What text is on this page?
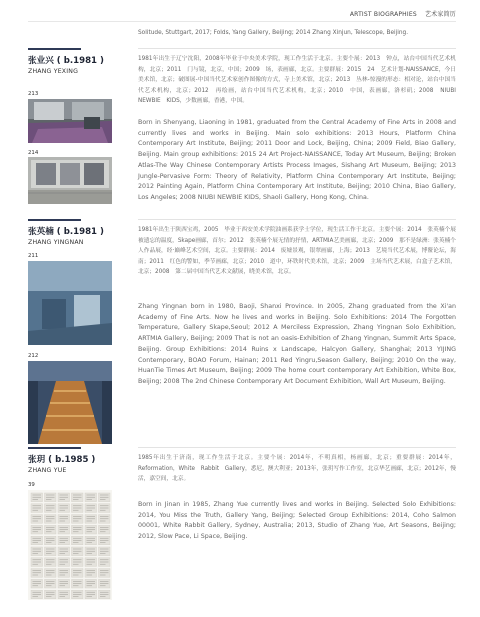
ARTIST BIOGRAPHIES 艺术家简历
Solitude, Stuttgart, 2017; Folds, Yang Gallery, Beijing; 2014 Zhang Xinjun, Telescope, Beijing.
张业兴 ( b.1981 )
ZHANG YEXING
213
214
1981年出生于辽宁沈阳，2008年毕业于中央美术学院，现工作生活于北京。主要个展：2013　钟点，站台中国当代艺术机构，北京；2011　门与镜，北京，中国；2009　场，表画廊，北京。主要群展：2015　24　艺术计划-NAISSANCE，今日美术馆，北京；破图展-中国当代艺术家创作图像的方式，寺上美术馆，北京；2013　丛林-惊漫的形态：相对论，站台中国当代艺术机构，北京；2012　再绘画，站台中国当代艺术机构，北京；2010　中国，表画廊，洛杉矶；2008　NIUBI　NEWBIE　KIDS，少数画廊，香港，中国。
Born in Shenyang, Liaoning in 1981, graduated from the Central Academy of Fine Arts in 2008 and currently lives and works in Beijing. Main solo exhibitions: 2013 Hours, Platform China Contemporary Art Institute, Beijing; 2011 Door and Lock, Beijing, China; 2009 Field, Biao Gallery, Beijing. Main group exhibitions: 2015 24 Art Project-NAISSANCE, Today Art Museum, Beijing; Broken Atlas-The Way Chinese Contemporary Artists Process Images, Sishang Art Museum, Beijing; 2013 Jungle-Pervasive Form: Theory of Relativity, Platform China Contemporary Art Institute, Beijing; 2012 Painting Again, Platform China Contemporary Art Institute, Beijing; 2010 China, Biao Gallery, Los Angeles; 2008 NIUBI NEWBIE KIDS, Shaoli Gallery, Hong Kong, China.
张英楠 ( b.1981 )
ZHANG YINGNAN
211
212
1981年出生于陕西宝鸡，2005　毕业于西安美术学院油画系获学士学位，现生活工作于北京。主要个展：2014　张英楠个展被遗忘的温度，Skape画廊，首尔；2012　张英楠个展无情的抒情，ARTMIA艺美画廊，北京；2009　那不是绿洲：张英楠个人作品展，经·巅峰艺术空间，北京。主要群展：2014　废墟景观，银翠画廊，上海；2013　艺境当代艺术展，博鳌论坛，海南；2011　红色的警如，季节画廊，北京；2010　道中，环铁时代美术馆，北京；2009　主场当代艺术展，白盒子艺术馆，北京；2008　第二届中国当代艺术文献展，晓美术馆，北京。
Zhang Yingnan born in 1980, Baoji, Shanxi Province. In 2005, Zhang graduated from the Xi'an Academy of Fine Arts. Now he lives and works in Beijing. Solo Exhibitions: 2014 The Forgotten Temperature, Gallery Skape,Seoul; 2012 A Merciless Expression, Zhang Yingnan Solo Exhibition, ARTMIA Gallery, Beijing; 2009 That is not an oasis-Exhibition of Zhang Yingnan, Summit Arts Space, Beijing. Group Exhibitions: 2014 Ruins x Landscape, Halcyon Gallery, Shanghai; 2013 YIJING Contemporary, BOAO Forum, Hainan; 2011 Red Yingru,Season Gallery, Beijing; 2010 On the way, HuanTie Times Art Museum, Beijing; 2009 The home court contemporary Art Exhibition, White Box, Beijing; 2008 The 2nd Chinese Contemporary Art Document Exhibition, Wall Art Museum, Beijing.
张玥 ( b.1985 )
ZHANG YUE
39
1985年出生于济南，现工作生活于北京。主要个展：2014年，不明真相，杨画廊，北京；重要群展：2014年，Reformation，White　Rabbit　Gallery，悉尼，澳大利亚；2013年，张玥写作工作室，北京华艺画廊，北京；2012年，慢活，嘉空间，北京。
Born in Jinan in 1985, Zhang Yue currently lives and works in Beijing. Selected Solo Exhibitions: 2014, You Miss the Truth, Gallery Yang, Beijing; Selected Group Exhibitions: 2014, Coho Salmon 00001, White Rabbit Gallery, Sydney, Australia; 2013, Studio of Zhang Yue, Art Seasons, Beijing; 2012, Slow Pace, Li Space, Beijing.
